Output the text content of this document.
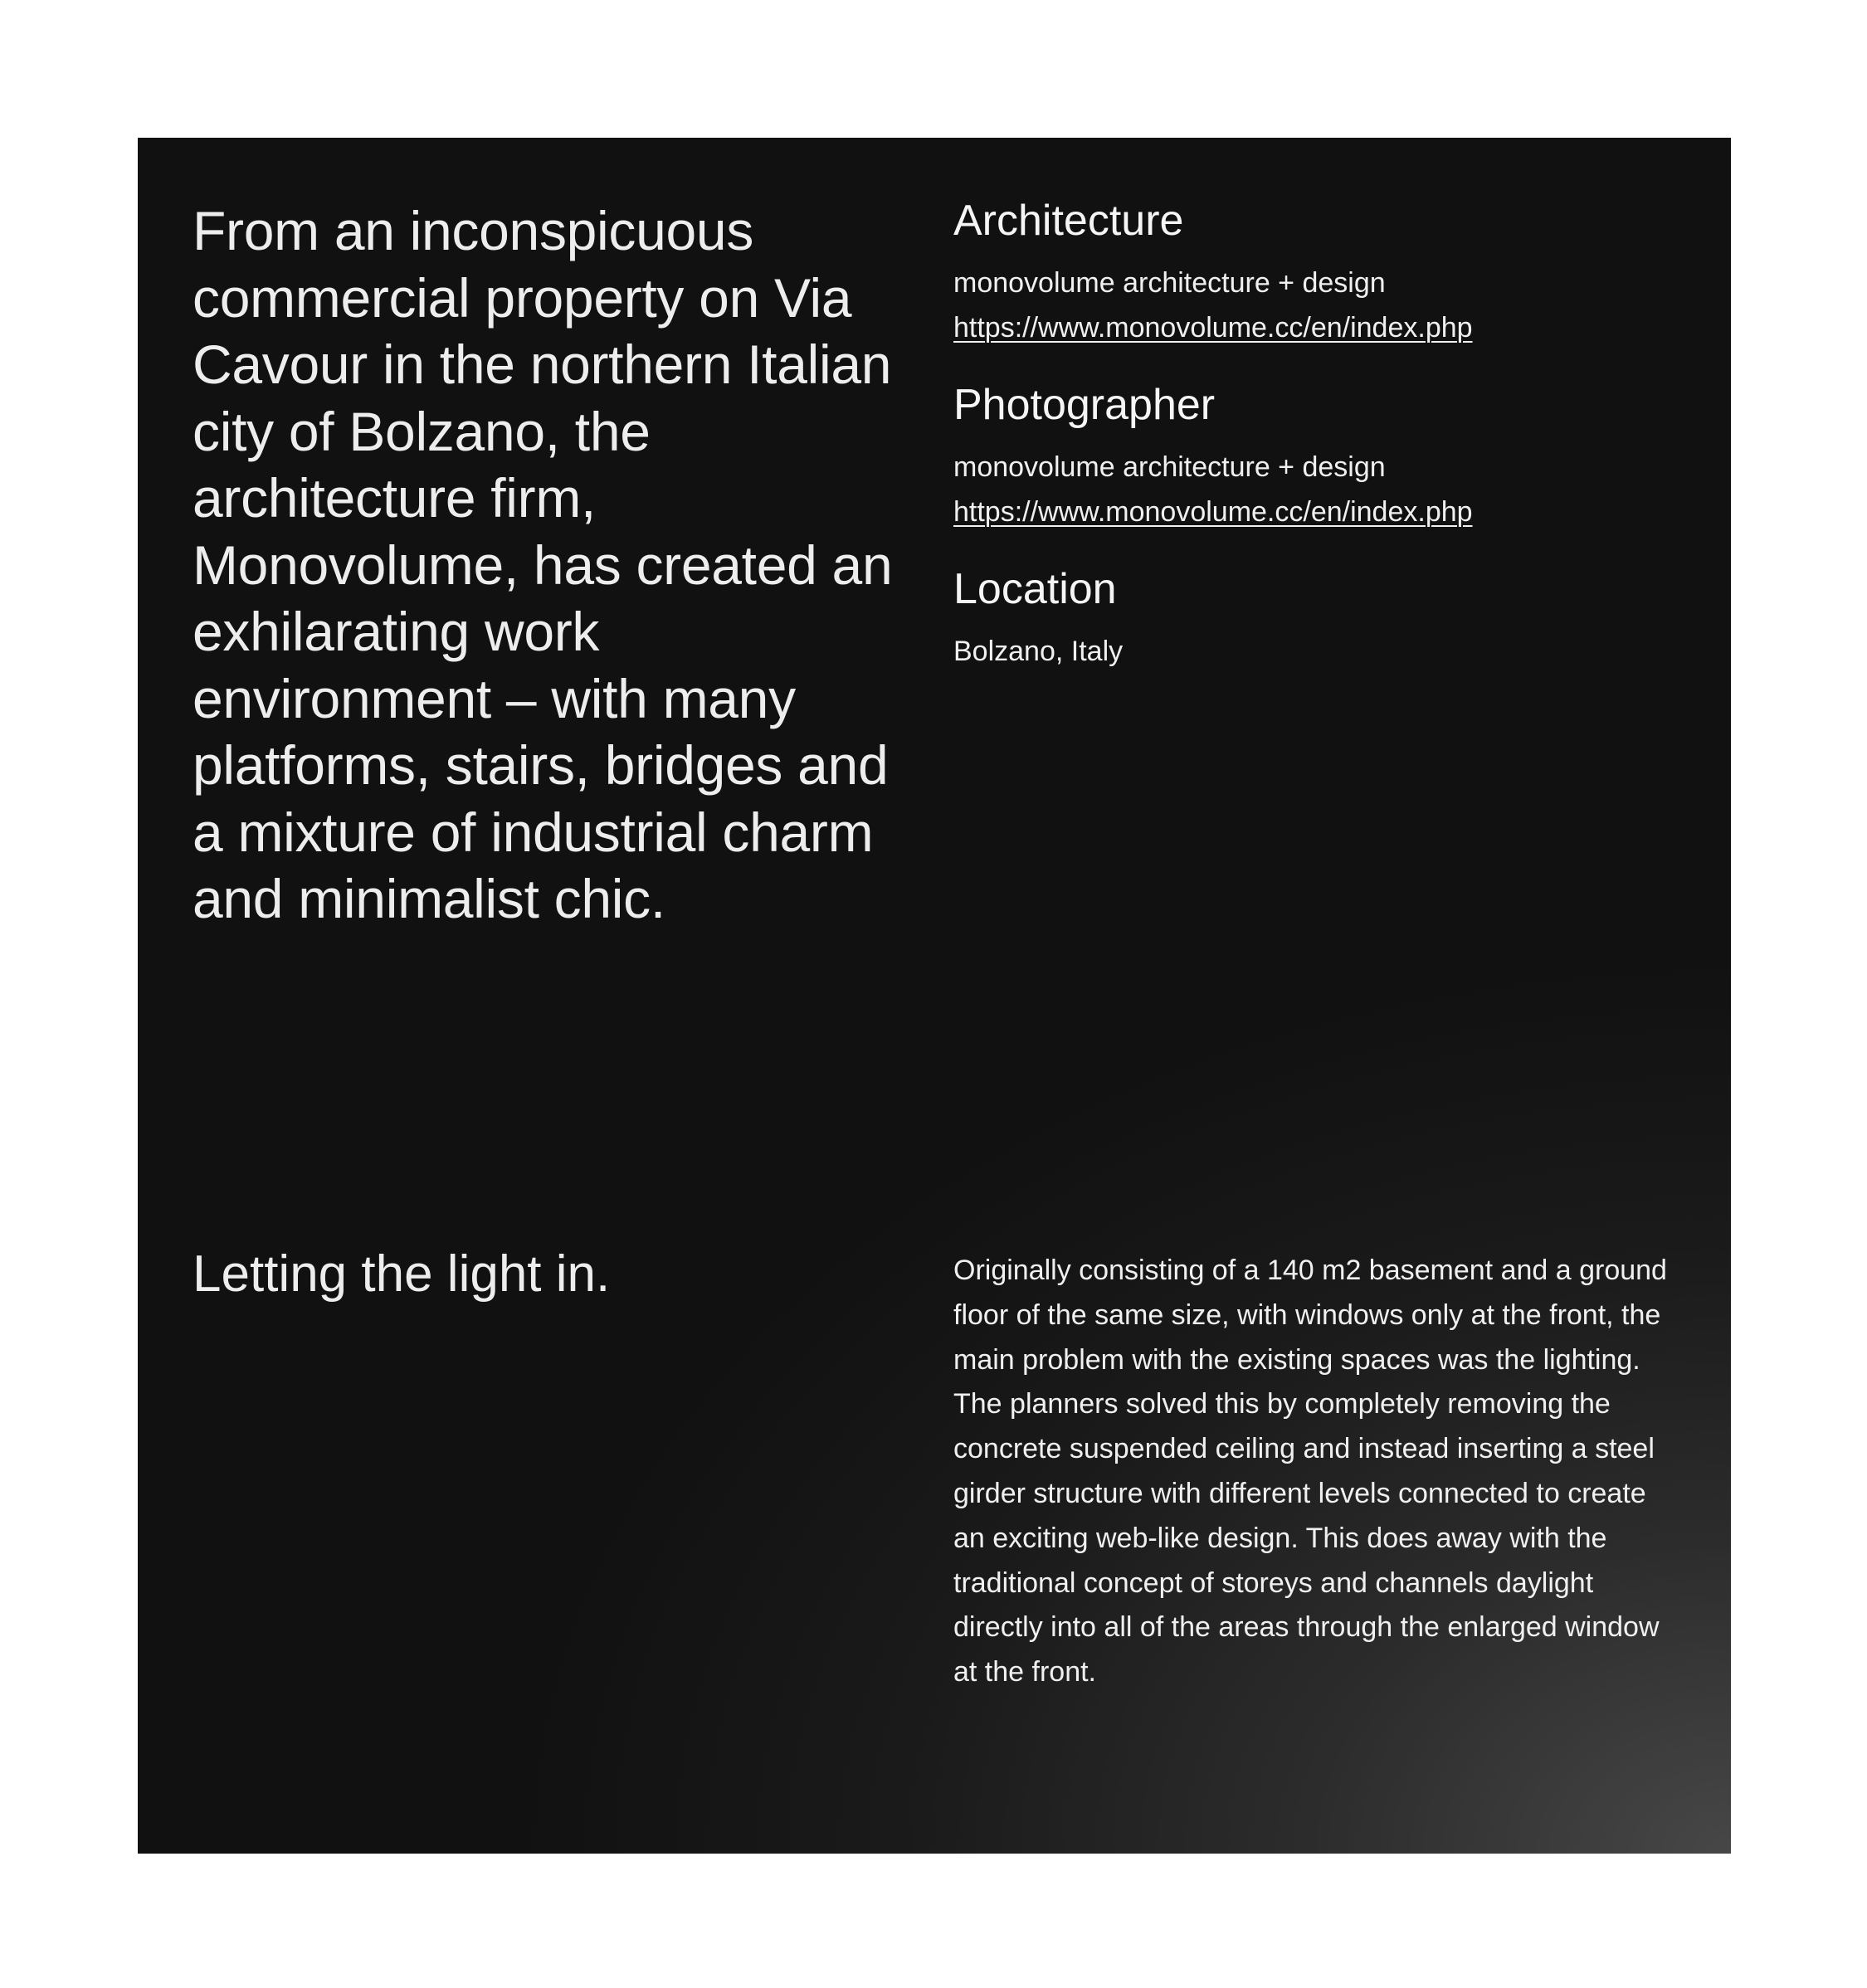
From an inconspicuous commercial property on Via Cavour in the northern Italian city of Bolzano, the architecture firm, Monovolume, has created an exhilarating work environment – with many platforms, stairs, bridges and a mixture of industrial charm and minimalist chic.

Architecture
monovolume architecture + design
https://www.monovolume.cc/en/index.php
Photographer
monovolume architecture + design
https://www.monovolume.cc/en/index.php
Location
Bolzano, Italy
Letting the light in.	Originally consisting of a 140 m2 basement and a ground floor of the same size, with windows only at the front, the main problem with the existing spaces was the lighting. The planners solved this by completely removing the concrete suspended ceiling and instead inserting a steel girder structure with different levels connected to create an exciting web-like design. This does away with the traditional concept of storeys and channels daylight directly into all of the areas through the enlarged window at the front.
